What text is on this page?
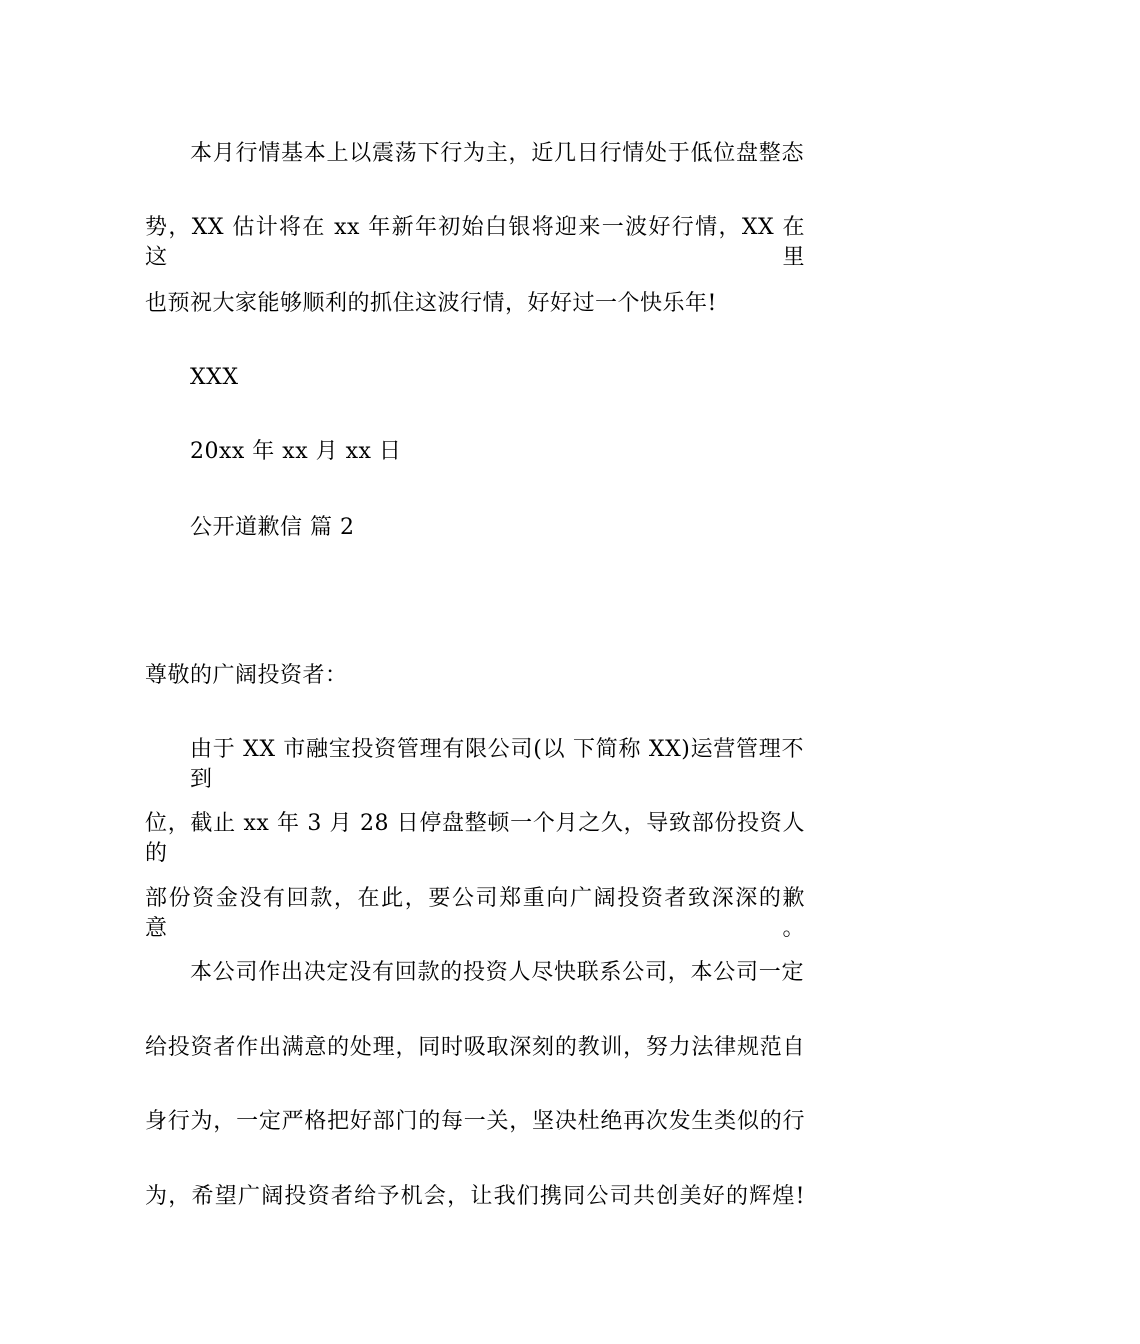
本月行情基本上以震荡下行为主，近几日行情处于低位盘整态
势，XX 估计将在 xx 年新年初始白银将迎来一波好行情，XX 在这里
也预祝大家能够顺利的抓住这波行情，好好过一个快乐年!
XXX
20xx 年 xx 月 xx 日
公开道歉信 篇 2
尊敬的广阔投资者：
由于 XX 市融宝投资管理有限公司(以 下简称 XX)运营管理不到
位，截止 xx 年 3 月 28 日停盘整顿一个月之久，导致部份投资人的
部份资金没有回款，在此，要公司郑重向广阔投资者致深深的歉意。
本公司作出决定没有回款的投资人尽快联系公司，本公司一定
给投资者作出满意的处理，同时吸取深刻的教训，努力法律规范自
身行为，一定严格把好部门的每一关，坚决杜绝再次发生类似的行
为，希望广阔投资者给予机会，让我们携同公司共创美好的辉煌!
